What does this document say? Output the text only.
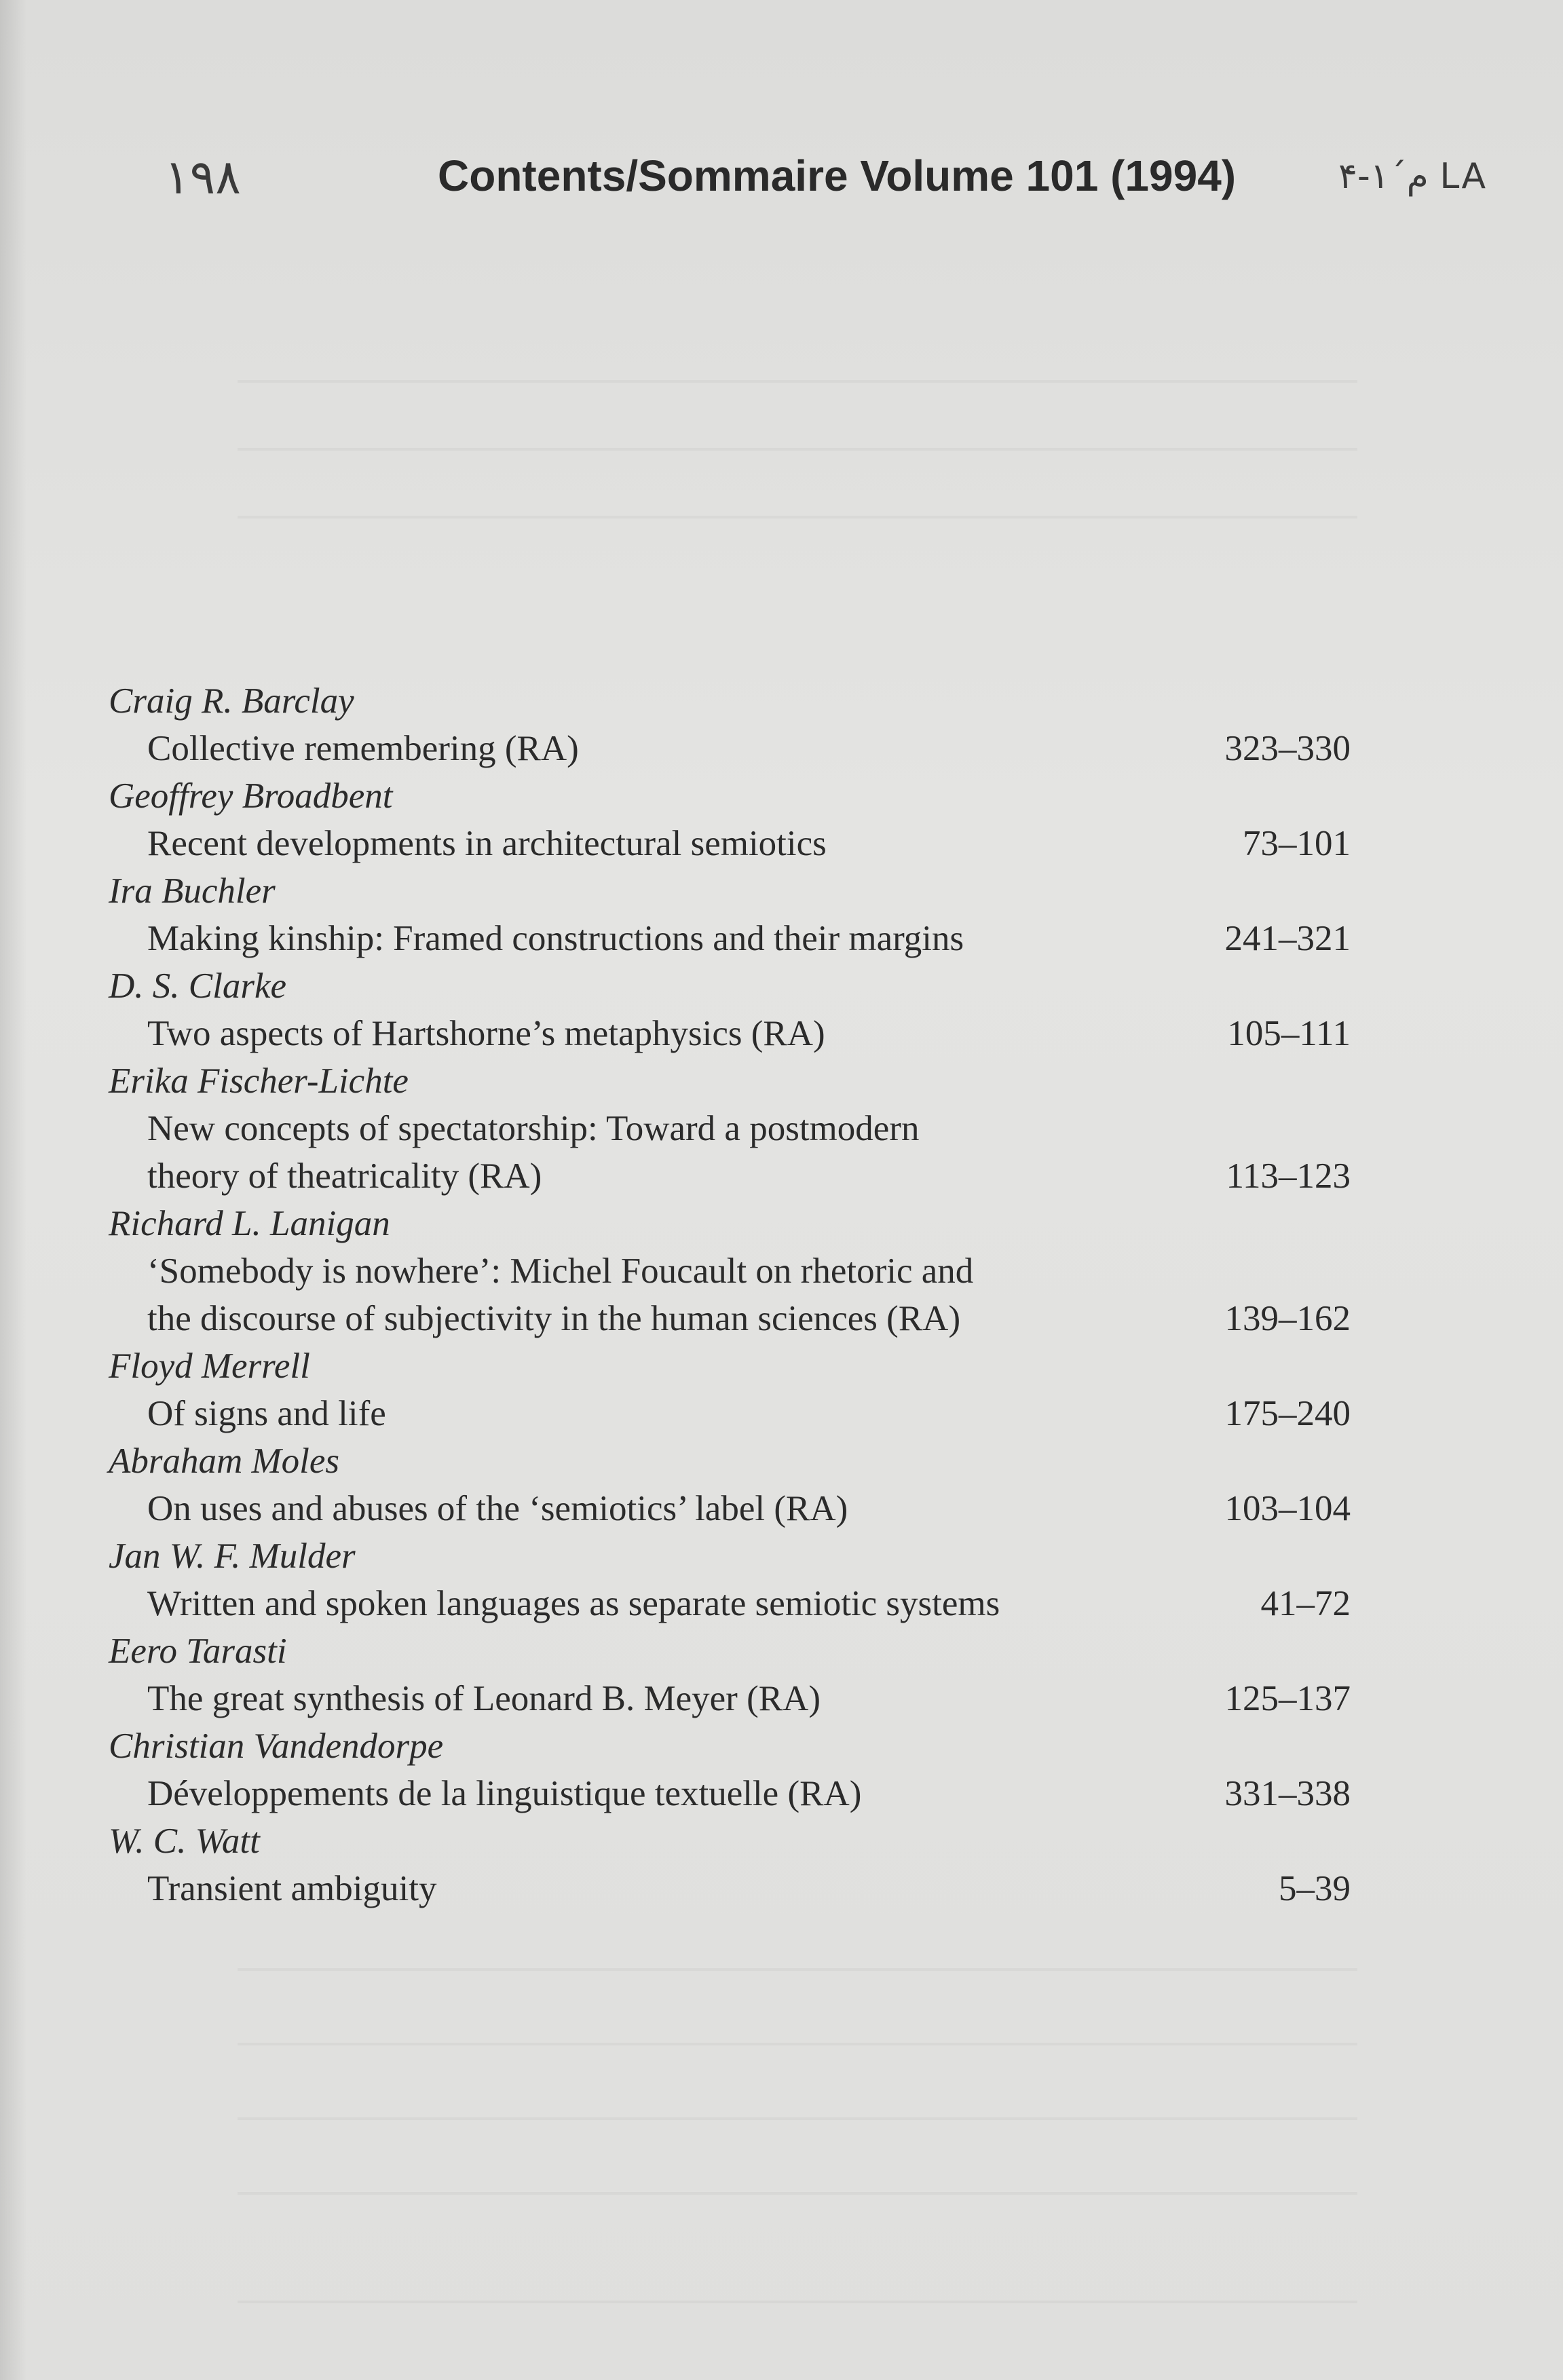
١٩٨	Contents/Sommaire Volume 101 (1994)	م´١-۴ LA
Craig R. Barclay
Collective remembering (RA)	323–330
Geoffrey Broadbent
Recent developments in architectural semiotics	73–101
Ira Buchler
Making kinship: Framed constructions and their margins	241–321
D. S. Clarke
Two aspects of Hartshorne’s metaphysics (RA)	105–111
Erika Fischer-Lichte
New concepts of spectatorship: Toward a postmodern
theory of theatricality (RA)	113–123
Richard L. Lanigan
‘Somebody is nowhere’: Michel Foucault on rhetoric and
the discourse of subjectivity in the human sciences (RA)	139–162
Floyd Merrell
Of signs and life	175–240
Abraham Moles
On uses and abuses of the ‘semiotics’ label (RA)	103–104
Jan W. F. Mulder
Written and spoken languages as separate semiotic systems	41–72
Eero Tarasti
The great synthesis of Leonard B. Meyer (RA)	125–137
Christian Vandendorpe
Développements de la linguistique textuelle (RA)	331–338
W. C. Watt
Transient ambiguity	5–39
